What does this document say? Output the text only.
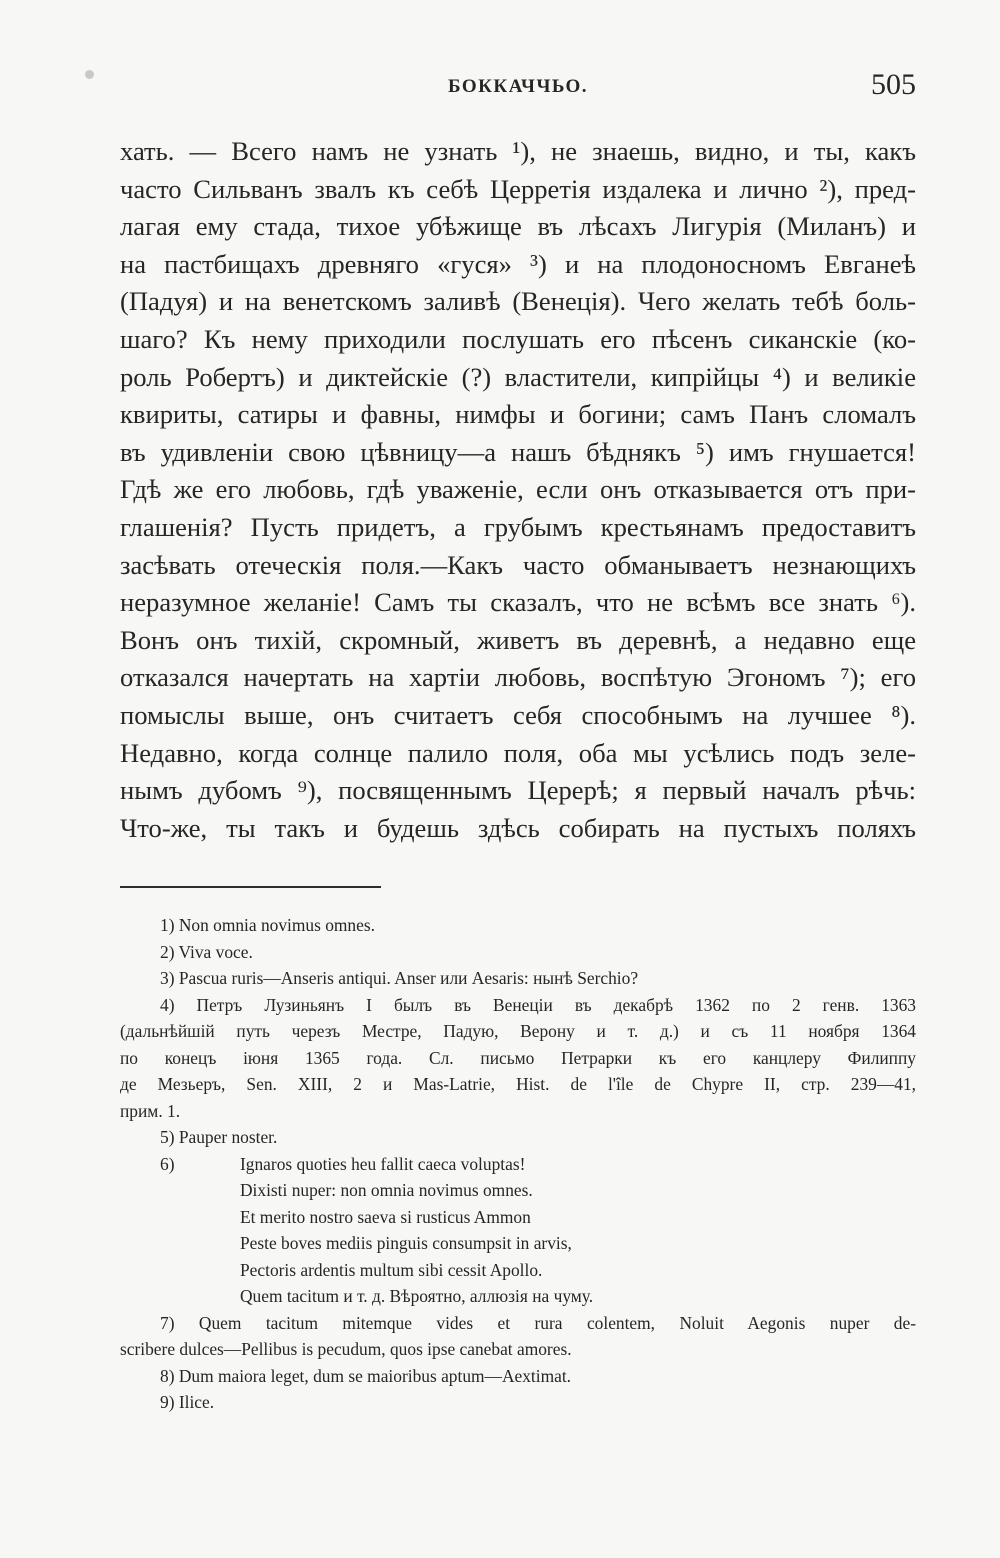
БОККАЧЧЬО.	505
хать. — Всего намъ не узнать ¹), не знаешь, видно, и ты, какъ
часто Сильванъ звалъ къ себѣ Церретія издалека и лично ²), пред-
лагая ему стада, тихое убѣжище въ лѣсахъ Лигурія (Миланъ) и
на пастбищахъ древняго «гуся» ³) и на плодоносномъ Евганеѣ
(Падуя) и на венетскомъ заливѣ (Венеція). Чего желать тебѣ боль-
шаго? Къ нему приходили послушать его пѣсенъ сиканскіе (ко-
роль Робертъ) и диктейскіе (?) властители, кипрійцы ⁴) и великіе
квириты, сатиры и фавны, нимфы и богини; самъ Панъ сломалъ
въ удивленіи свою цѣвницу—а нашъ бѣднякъ ⁵) имъ гнушается!
Гдѣ же его любовь, гдѣ уваженіе, если онъ отказывается отъ при-
глашенія? Пусть придетъ, а грубымъ крестьянамъ предоставитъ
засѣвать отеческія поля.—Какъ часто обманываетъ незнающихъ
неразумное желаніе! Самъ ты сказалъ, что не всѣмъ все знать ⁶).
Вонъ онъ тихій, скромный, живетъ въ деревнѣ, а недавно еще
отказался начертать на хартіи любовь, воспѣтую Эгономъ ⁷); его
помыслы выше, онъ считаетъ себя способнымъ на лучшее ⁸).
Недавно, когда солнце палило поля, оба мы усѣлись подъ зеле-
нымъ дубомъ ⁹), посвященнымъ Церерѣ; я первый началъ рѣчь:
Что-же, ты такъ и будешь здѣсь собирать на пустыхъ поляхъ
1) Non omnia novimus omnes.
2) Viva voce.
3) Pascua ruris—Anseris antiqui. Anser или Aesaris: нынѣ Serchio?
4) Петръ Лузиньянъ I былъ въ Венеціи въ декабрѣ 1362 по 2 генв. 1363
(дальнѣйшій путь черезъ Местре, Падую, Верону и т. д.) и съ 11 ноября 1364
по конецъ іюня 1365 года. Сл. письмо Петрарки къ его канцлеру Филиппу
де Мезьеръ, Sen. XIII, 2 и Mas-Latrie, Hist. de l'île de Chypre II, стр. 239—41,
прим. 1.
5) Pauper noster.
6)	Ignaros quoties heu fallit caeca voluptas!
Dixisti nuper: non omnia novimus omnes.
Et merito nostro saeva si rusticus Ammon
Peste boves mediis pinguis consumpsit in arvis,
Pectoris ardentis multum sibi cessit Apollo.
Quem tacitum и т. д. Вѣроятно, аллюзія на чуму.
7) Quem tacitum mitemque vides et rura colentem, Noluit Aegonis nuper de-
scribere dulces—Pellibus is pecudum, quos ipse canebat amores.
8) Dum maiora leget, dum se maioribus aptum—Aextimat.
9) Ilice.
